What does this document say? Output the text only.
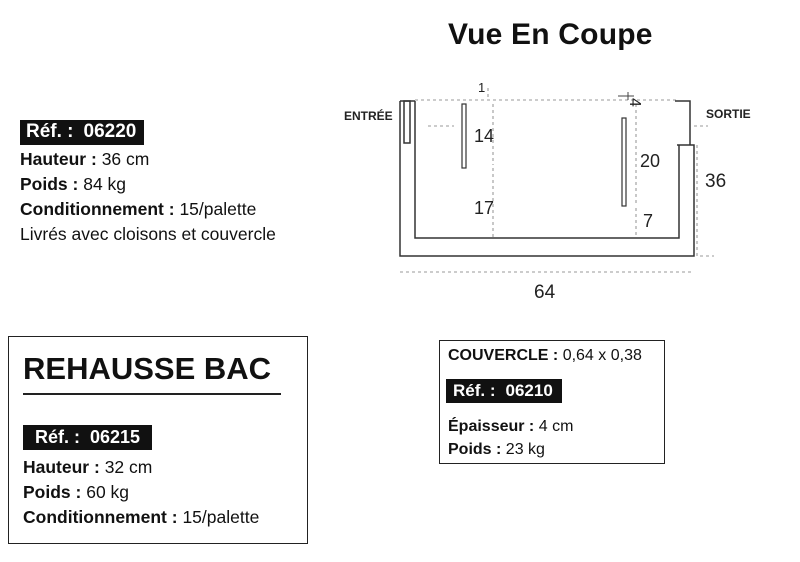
Vue En Coupe
ENTRÉE	SORTIE
1
4
14
20
17
7
36
64
Réf. : 06220
Hauteur : 36 cm
Poids : 84 kg
Conditionnement : 15/palette
Livrés avec cloisons et couvercle
REHAUSSE BAC
Réf. : 06215
Hauteur : 32 cm
Poids : 60 kg
Conditionnement : 15/palette
COUVERCLE : 0,64 x 0,38
Réf. : 06210
Épaisseur : 4 cm
Poids : 23 kg
